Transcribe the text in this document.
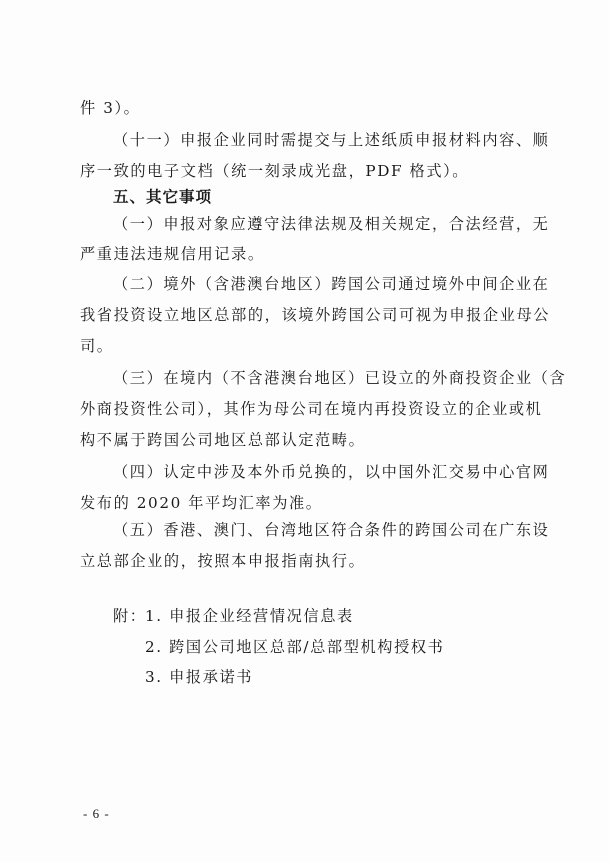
件 3）。
（十一）申报企业同时需提交与上述纸质申报材料内容、顺
序一致的电子文档（统一刻录成光盘，PDF 格式）。
五、其它事项
（一）申报对象应遵守法律法规及相关规定，合法经营，无
严重违法违规信用记录。
（二）境外（含港澳台地区）跨国公司通过境外中间企业在
我省投资设立地区总部的，该境外跨国公司可视为申报企业母公
司。
（三）在境内（不含港澳台地区）已设立的外商投资企业（含
外商投资性公司），其作为母公司在境内再投资设立的企业或机
构不属于跨国公司地区总部认定范畴。
（四）认定中涉及本外币兑换的，以中国外汇交易中心官网
发布的 2020 年平均汇率为准。
（五）香港、澳门、台湾地区符合条件的跨国公司在广东设
立总部企业的，按照本申报指南执行。
附：
1. 申报企业经营情况信息表
2. 跨国公司地区总部/总部型机构授权书
3. 申报承诺书
- 6 -
